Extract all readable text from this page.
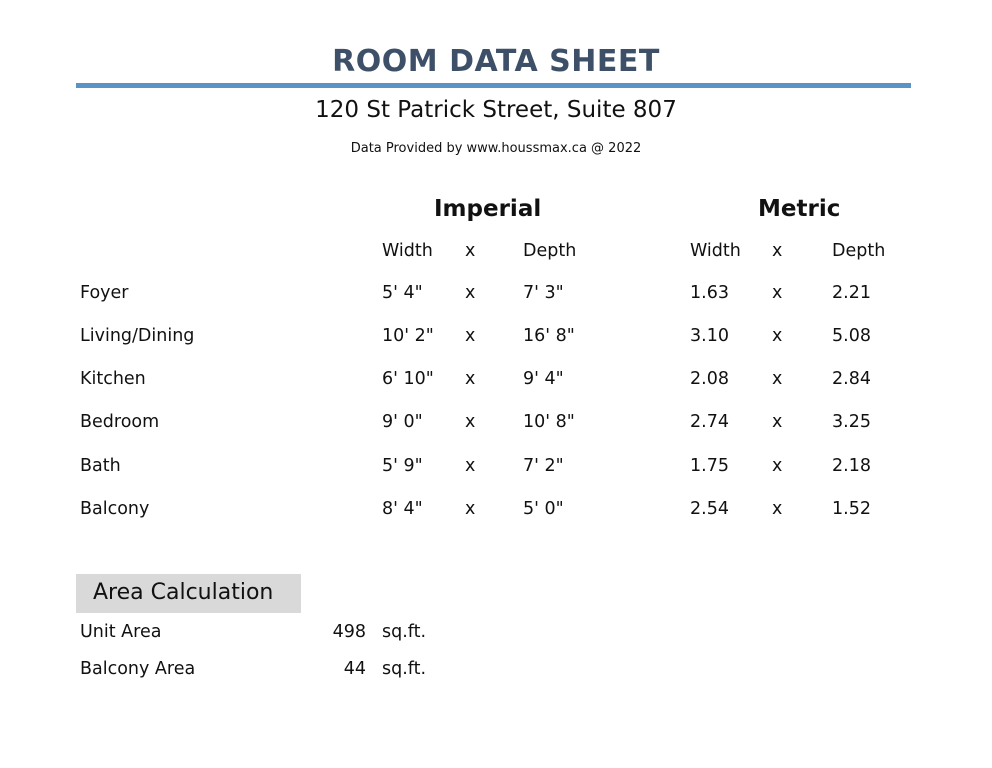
ROOM DATA SHEET
120 St Patrick Street, Suite 807
Data Provided by www.houssmax.ca @ 2022
Imperial	Metric
Width x	Depth	Width x	Depth
Foyer	5' 4" x	7' 3"	1.63 x	2.21
Living/Dining	10' 2" x	16' 8"	3.10 x	5.08
Kitchen	6' 10" x	9' 4"	2.08 x	2.84
Bedroom	9' 0" x	10' 8"	2.74 x	3.25
Bath	5' 9" x	7' 2"	1.75 x	2.18
Balcony	8' 4" x	5' 0"	2.54 x	1.52
Area Calculation
Unit Area	498 sq.ft.
Balcony Area	44 sq.ft.
